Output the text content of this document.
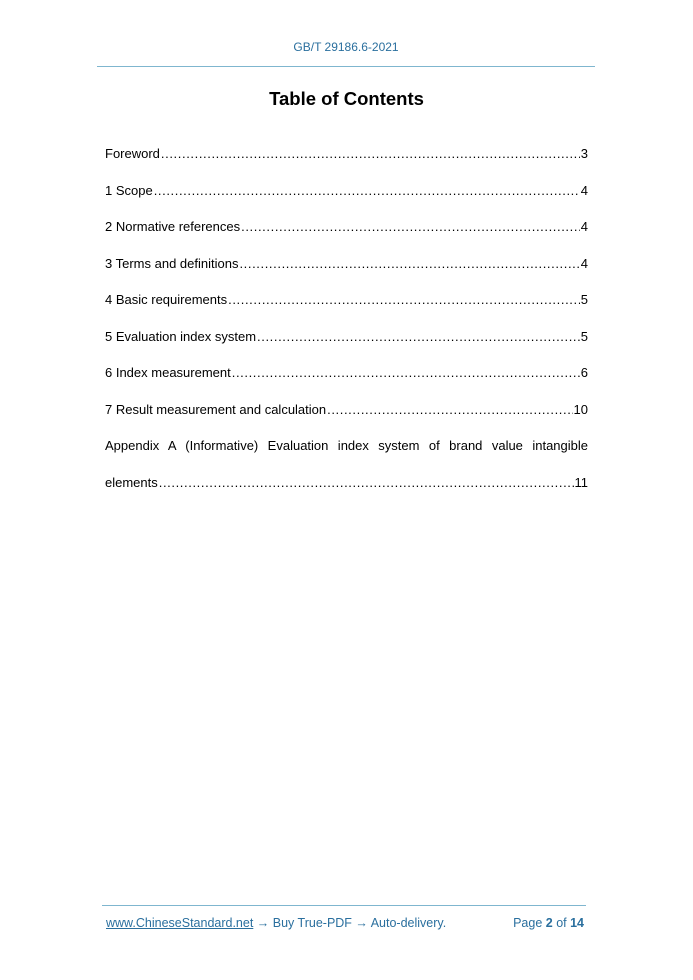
GB/T 29186.6-2021
Table of Contents
Foreword .....	3
1 Scope .....	4
2 Normative references .....	4
3 Terms and definitions .....	4
4 Basic requirements .....	5
5 Evaluation index system .....	5
6 Index measurement .....	6
7 Result measurement and calculation .....	10
Appendix A (Informative) Evaluation index system of brand value intangible
elements .....	11
www.ChineseStandard.net → Buy True-PDF → Auto-delivery.	Page 2 of 14
